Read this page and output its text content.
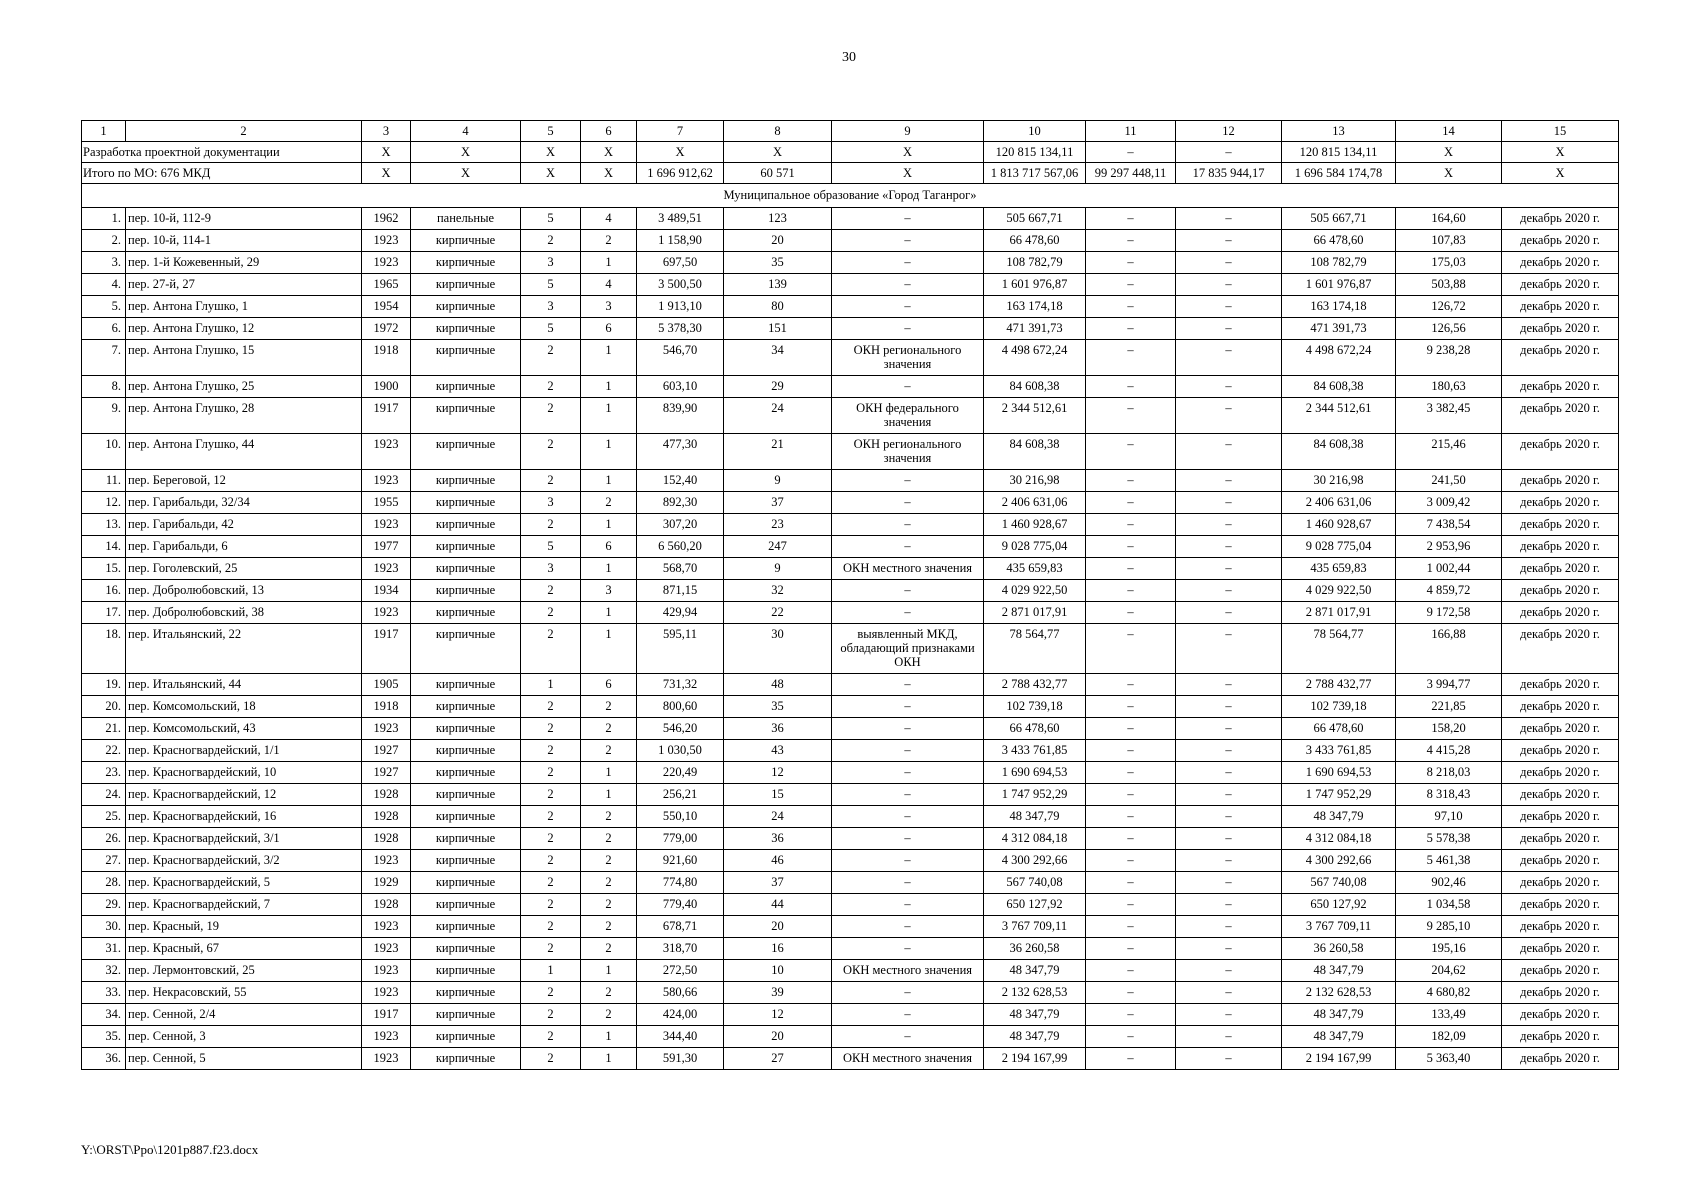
30
1	2	3	4	5	6	7	8	9	10	11	12	13	14	15
Разработка проектной документации		X	X	X	X	X	X	X	120 815 134,11	–	–	120 815 134,11	X	X
Итого по МО: 676 МКД		X	X	X	X	1 696 912,62	60 571	X	1 813 717 567,06	99 297 448,11	17 835 944,17	1 696 584 174,78	X	X
Муниципальное образование «Город Таганрог»														
1.	пер. 10-й, 112-9	1962	панельные	5	4	3 489,51	123	–	505 667,71	–	–	505 667,71	164,60	декабрь 2020 г.
2.	пер. 10-й, 114-1	1923	кирпичные	2	2	1 158,90	20	–	66 478,60	–	–	66 478,60	107,83	декабрь 2020 г.
3.	пер. 1-й Кожевенный, 29	1923	кирпичные	3	1	697,50	35	–	108 782,79	–	–	108 782,79	175,03	декабрь 2020 г.
4.	пер. 27-й, 27	1965	кирпичные	5	4	3 500,50	139	–	1 601 976,87	–	–	1 601 976,87	503,88	декабрь 2020 г.
5.	пер. Антона Глушко, 1	1954	кирпичные	3	3	1 913,10	80	–	163 174,18	–	–	163 174,18	126,72	декабрь 2020 г.
6.	пер. Антона Глушко, 12	1972	кирпичные	5	6	5 378,30	151	–	471 391,73	–	–	471 391,73	126,56	декабрь 2020 г.
7.	пер. Антона Глушко, 15	1918	кирпичные	2	1	546,70	34	ОКН регионального значения	4 498 672,24	–	–	4 498 672,24	9 238,28	декабрь 2020 г.
8.	пер. Антона Глушко, 25	1900	кирпичные	2	1	603,10	29	–	84 608,38	–	–	84 608,38	180,63	декабрь 2020 г.
9.	пер. Антона Глушко, 28	1917	кирпичные	2	1	839,90	24	ОКН федерального значения	2 344 512,61	–	–	2 344 512,61	3 382,45	декабрь 2020 г.
10.	пер. Антона Глушко, 44	1923	кирпичные	2	1	477,30	21	ОКН регионального значения	84 608,38	–	–	84 608,38	215,46	декабрь 2020 г.
11.	пер. Береговой, 12	1923	кирпичные	2	1	152,40	9	–	30 216,98	–	–	30 216,98	241,50	декабрь 2020 г.
12.	пер. Гарибальди, 32/34	1955	кирпичные	3	2	892,30	37	–	2 406 631,06	–	–	2 406 631,06	3 009,42	декабрь 2020 г.
13.	пер. Гарибальди, 42	1923	кирпичные	2	1	307,20	23	–	1 460 928,67	–	–	1 460 928,67	7 438,54	декабрь 2020 г.
14.	пер. Гарибальди, 6	1977	кирпичные	5	6	6 560,20	247	–	9 028 775,04	–	–	9 028 775,04	2 953,96	декабрь 2020 г.
15.	пер. Гоголевский, 25	1923	кирпичные	3	1	568,70	9	ОКН местного значения	435 659,83	–	–	435 659,83	1 002,44	декабрь 2020 г.
16.	пер. Добролюбовский, 13	1934	кирпичные	2	3	871,15	32	–	4 029 922,50	–	–	4 029 922,50	4 859,72	декабрь 2020 г.
17.	пер. Добролюбовский, 38	1923	кирпичные	2	1	429,94	22	–	2 871 017,91	–	–	2 871 017,91	9 172,58	декабрь 2020 г.
18.	пер. Итальянский, 22	1917	кирпичные	2	1	595,11	30	выявленный МКД, обладающий признаками ОКН	78 564,77	–	–	78 564,77	166,88	декабрь 2020 г.
19.	пер. Итальянский, 44	1905	кирпичные	1	6	731,32	48	–	2 788 432,77	–	–	2 788 432,77	3 994,77	декабрь 2020 г.
20.	пер. Комсомольский, 18	1918	кирпичные	2	2	800,60	35	–	102 739,18	–	–	102 739,18	221,85	декабрь 2020 г.
21.	пер. Комсомольский, 43	1923	кирпичные	2	2	546,20	36	–	66 478,60	–	–	66 478,60	158,20	декабрь 2020 г.
22.	пер. Красногвардейский, 1/1	1927	кирпичные	2	2	1 030,50	43	–	3 433 761,85	–	–	3 433 761,85	4 415,28	декабрь 2020 г.
23.	пер. Красногвардейский, 10	1927	кирпичные	2	1	220,49	12	–	1 690 694,53	–	–	1 690 694,53	8 218,03	декабрь 2020 г.
24.	пер. Красногвардейский, 12	1928	кирпичные	2	1	256,21	15	–	1 747 952,29	–	–	1 747 952,29	8 318,43	декабрь 2020 г.
25.	пер. Красногвардейский, 16	1928	кирпичные	2	2	550,10	24	–	48 347,79	–	–	48 347,79	97,10	декабрь 2020 г.
26.	пер. Красногвардейский, 3/1	1928	кирпичные	2	2	779,00	36	–	4 312 084,18	–	–	4 312 084,18	5 578,38	декабрь 2020 г.
27.	пер. Красногвардейский, 3/2	1923	кирпичные	2	2	921,60	46	–	4 300 292,66	–	–	4 300 292,66	5 461,38	декабрь 2020 г.
28.	пер. Красногвардейский, 5	1929	кирпичные	2	2	774,80	37	–	567 740,08	–	–	567 740,08	902,46	декабрь 2020 г.
29.	пер. Красногвардейский, 7	1928	кирпичные	2	2	779,40	44	–	650 127,92	–	–	650 127,92	1 034,58	декабрь 2020 г.
30.	пер. Красный, 19	1923	кирпичные	2	2	678,71	20	–	3 767 709,11	–	–	3 767 709,11	9 285,10	декабрь 2020 г.
31.	пер. Красный, 67	1923	кирпичные	2	2	318,70	16	–	36 260,58	–	–	36 260,58	195,16	декабрь 2020 г.
32.	пер. Лермонтовский, 25	1923	кирпичные	1	1	272,50	10	ОКН местного значения	48 347,79	–	–	48 347,79	204,62	декабрь 2020 г.
33.	пер. Некрасовский, 55	1923	кирпичные	2	2	580,66	39	–	2 132 628,53	–	–	2 132 628,53	4 680,82	декабрь 2020 г.
34.	пер. Сенной, 2/4	1917	кирпичные	2	2	424,00	12	–	48 347,79	–	–	48 347,79	133,49	декабрь 2020 г.
35.	пер. Сенной, 3	1923	кирпичные	2	1	344,40	20	–	48 347,79	–	–	48 347,79	182,09	декабрь 2020 г.
36.	пер. Сенной, 5	1923	кирпичные	2	1	591,30	27	ОКН местного значения	2 194 167,99	–	–	2 194 167,99	5 363,40	декабрь 2020 г.
Y:\ORST\Ppo\1201p887.f23.docx
